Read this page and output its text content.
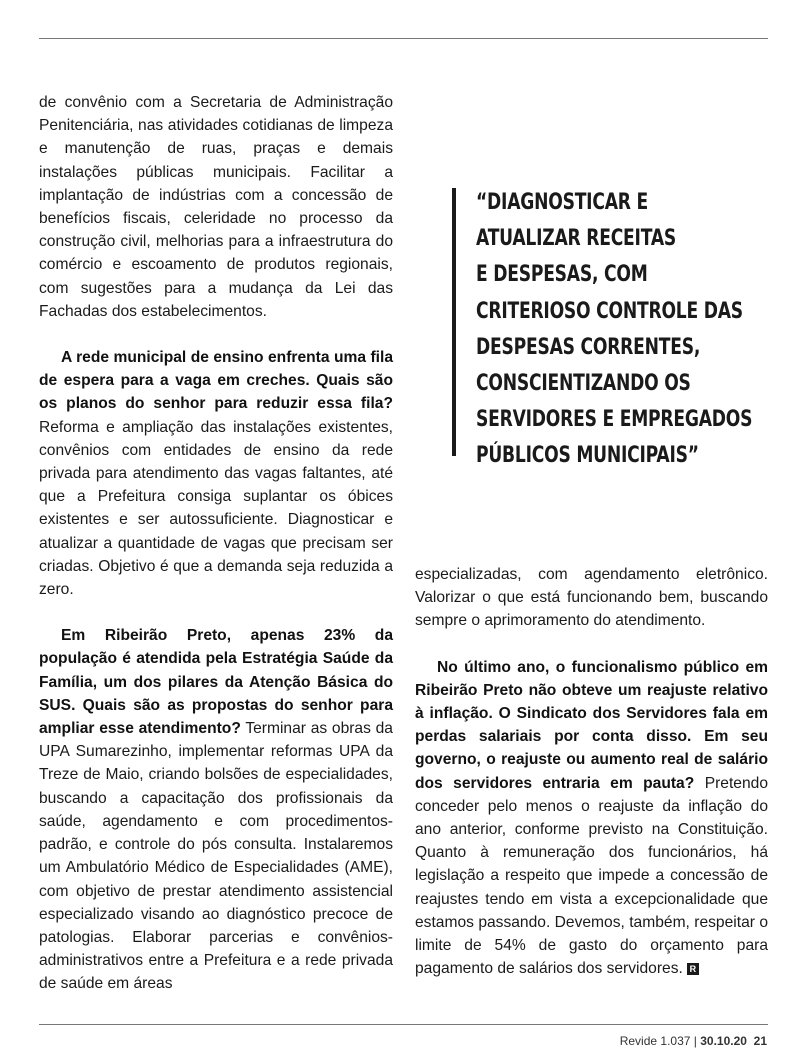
de convênio com a Secretaria de Administração Penitenciária, nas atividades cotidianas de limpeza e manutenção de ruas, praças e demais instalações públicas municipais. Facilitar a implantação de indústrias com a concessão de benefícios fiscais, celeridade no processo da construção civil, melhorias para a infraestrutura do comércio e escoamento de produtos regionais, com sugestões para a mudança da Lei das Fachadas dos estabelecimentos.

A rede municipal de ensino enfrenta uma fila de espera para a vaga em creches. Quais são os planos do senhor para reduzir essa fila? Reforma e ampliação das instalações existentes, convênios com entidades de ensino da rede privada para atendimento das vagas faltantes, até que a Prefeitura consiga suplantar os óbices existentes e ser autossuficiente. Diagnosticar e atualizar a quantidade de vagas que precisam ser criadas. Objetivo é que a demanda seja reduzida a zero.

Em Ribeirão Preto, apenas 23% da população é atendida pela Estratégia Saúde da Família, um dos pilares da Atenção Básica do SUS. Quais são as propostas do senhor para ampliar esse atendimento? Terminar as obras da UPA Sumarezinho, implementar reformas UPA da Treze de Maio, criando bolsões de especialidades, buscando a capacitação dos profissionais da saúde, agendamento e com procedimentos-padrão, e controle do pós consulta. Instalaremos um Ambulatório Médico de Especialidades (AME), com objetivo de prestar atendimento assistencial especializado visando ao diagnóstico precoce de patologias. Elaborar parcerias e convênios-administrativos entre a Prefeitura e a rede privada de saúde em áreas

“DIAGNOSTICAR E
ATUALIZAR RECEITAS
E DESPESAS, COM
CRITERIOSO CONTROLE DAS
DESPESAS CORRENTES,
CONSCIENTIZANDO OS
SERVIDORES E EMPREGADOS
PÚBLICOS MUNICIPAIS”

especializadas, com agendamento eletrônico. Valorizar o que está funcionando bem, buscando sempre o aprimoramento do atendimento.

No último ano, o funcionalismo público em Ribeirão Preto não obteve um reajuste relativo à inflação. O Sindicato dos Servidores fala em perdas salariais por conta disso. Em seu governo, o reajuste ou aumento real de salário dos servidores entraria em pauta? Pretendo conceder pelo menos o reajuste da inflação do ano anterior, conforme previsto na Constituição. Quanto à remuneração dos funcionários, há legislação a respeito que impede a concessão de reajustes tendo em vista a excepcionalidade que estamos passando. Devemos, também, respeitar o limite de 54% de gasto do orçamento para pagamento de salários dos servidores. R

Revide 1.037 | 30.10.20 21
